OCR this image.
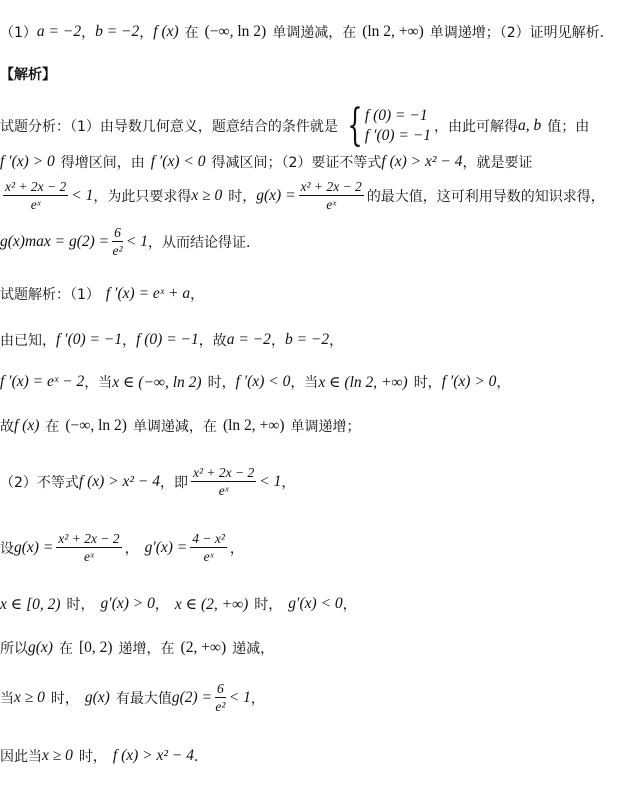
（1） a = −2 ， b = −2 ， f (x) 在 (−∞, ln 2) 单调递减，在 (ln 2, +∞) 单调递增；（2）证明见解析．
【解析】
试题分析：（1）由导数几何意义，题意结合的条件就是 { f (0) = −1
f ′(0) = −1 ，由此可解得 a, b 值；由
f ′(x) > 0 得增区间，由 f ′(x) < 0 得减区间；（2）要证不等式 f (x) > x² − 4 ，就是要证
$\frac{\text{x² + 2x − 2}}{\text{eˣ}} < 1$ ，为此只要求得 x ≥ 0 时， $g(x) = \frac{\text{x² + 2x − 2}}{\text{eˣ}}$ 的最大值，这可利用导数的知识求得，
$g(x)\max = g(2) = \frac{6}{\text{e²}} < 1$ ，从而结论得证．
试题解析：（1） f ′(x) = eˣ + a ，
由已知， f ′(0) = −1 ， f (0) = −1 ，故 a = −2 ， b = −2 ，
f ′(x) = eˣ − 2 ，当 x ∈ (−∞, ln 2) 时， f ′(x) < 0 ，当 x ∈ (ln 2, +∞) 时， f ′(x) > 0 ，
故 f (x) 在 (−∞, ln 2) 单调递减，在 (ln 2, +∞) 单调递增；
（2）不等式 f (x) > x² − 4 ，即 $\frac{\text{x² + 2x − 2}}{\text{eˣ}} < 1$ ，
设 $g(x) = \frac{\text{x² + 2x − 2}}{\text{eˣ}}$ ， $g'(x) = \frac{\text{4 − x²}}{\text{eˣ}}$ ，
x ∈ [0, 2) 时， g′(x) > 0 ， x ∈ (2, +∞) 时， g′(x) < 0 ，
所以 g(x) 在 [0, 2) 递增，在 (2, +∞) 递减，
当 x ≥ 0 时， g(x) 有最大值 $g(2) = \frac{6}{\text{e²}} < 1$ ，
因此当 x ≥ 0 时， f (x) > x² − 4 ．
